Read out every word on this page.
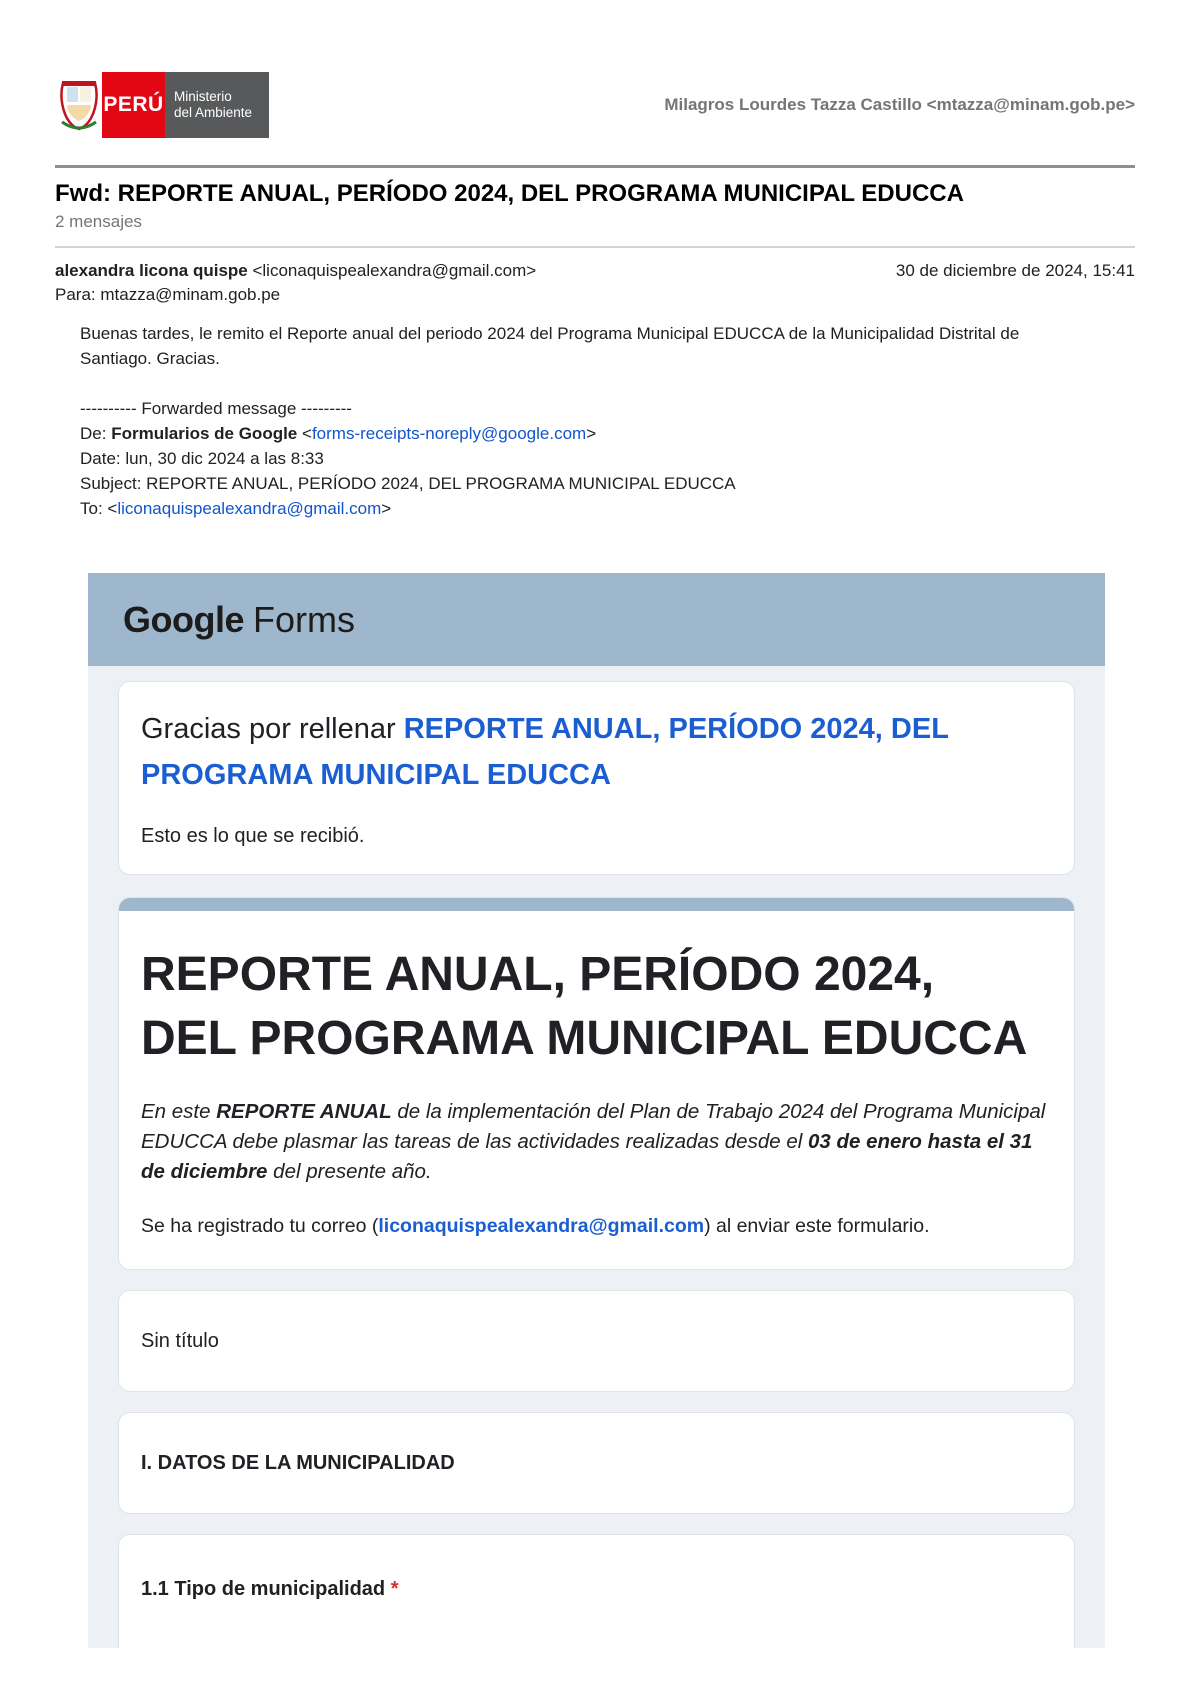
PERÚ Ministerio
del Ambiente	Milagros Lourdes Tazza Castillo <mtazza@minam.gob.pe>
Fwd: REPORTE ANUAL, PERÍODO 2024, DEL PROGRAMA MUNICIPAL EDUCCA
2 mensajes
alexandra licona quispe <liconaquispealexandra@gmail.com>	30 de diciembre de 2024, 15:41
Para: mtazza@minam.gob.pe

Buenas tardes, le remito el Reporte anual del periodo 2024 del Programa Municipal EDUCCA de la Municipalidad Distrital de Santiago. Gracias.

---------- Forwarded message ---------
De: Formularios de Google <forms-receipts-noreply@google.com>
Date: lun, 30 dic 2024 a las 8:33
Subject: REPORTE ANUAL, PERÍODO 2024, DEL PROGRAMA MUNICIPAL EDUCCA
To: <liconaquispealexandra@gmail.com>
Google Forms

Gracias por rellenar REPORTE ANUAL, PERÍODO 2024, DEL PROGRAMA MUNICIPAL EDUCCA

Esto es lo que se recibió.

REPORTE ANUAL, PERÍODO 2024,
DEL PROGRAMA MUNICIPAL EDUCCA

En este REPORTE ANUAL de la implementación del Plan de Trabajo 2024 del Programa Municipal EDUCCA debe plasmar las tareas de las actividades realizadas desde el 03 de enero hasta el 31 de diciembre del presente año.

Se ha registrado tu correo (liconaquispealexandra@gmail.com) al enviar este formulario.

Sin título
I. DATOS DE LA MUNICIPALIDAD
1.1 Tipo de municipalidad *
